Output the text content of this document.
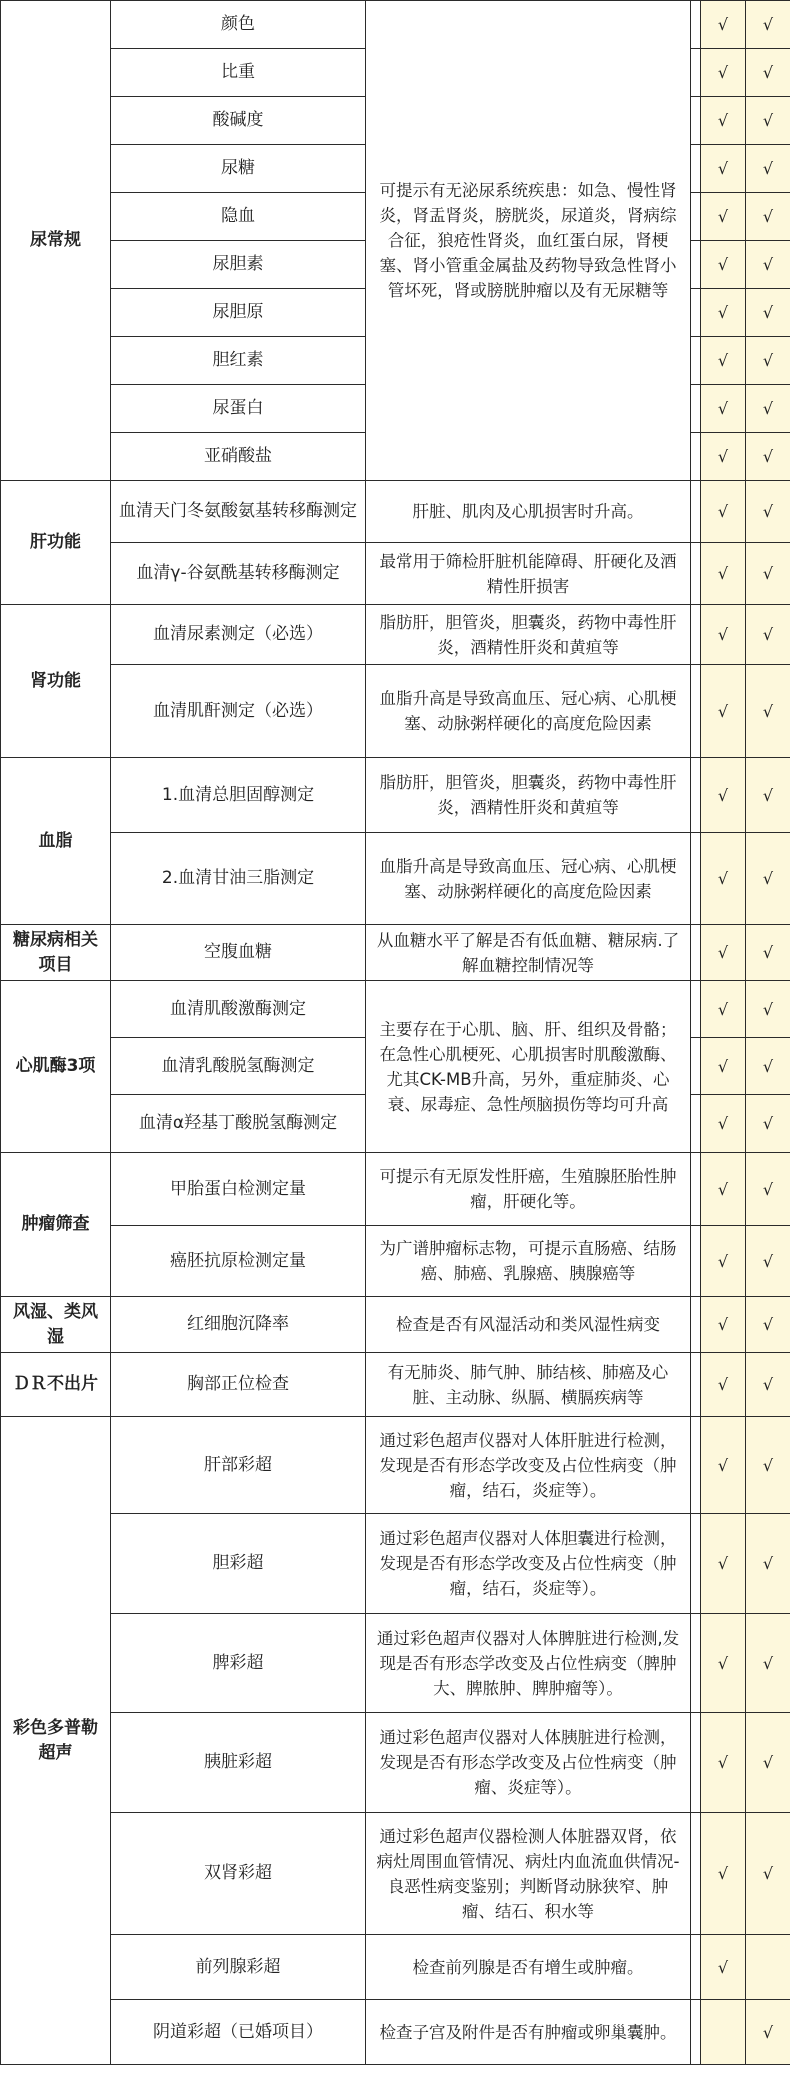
尿常规	颜色	可提示有无泌尿系统疾患：如急、慢性肾炎，肾盂肾炎，膀胱炎，尿道炎，肾病综合征，狼疮性肾炎，血红蛋白尿，肾梗塞、肾小管重金属盐及药物导致急性肾小管坏死，肾或膀胱肿瘤以及有无尿糖等		√	√
	比重			√	√
	酸碱度			√	√
	尿糖			√	√
	隐血			√	√
	尿胆素			√	√
	尿胆原			√	√
	胆红素			√	√
	尿蛋白			√	√
	亚硝酸盐			√	√
肝功能	血清天门冬氨酸氨基转移酶测定	肝脏、肌肉及心肌损害时升高。		√	√
	血清γ-谷氨酰基转移酶测定	最常用于筛检肝脏机能障碍、肝硬化及酒精性肝损害		√	√
肾功能	血清尿素测定（必选）	脂肪肝，胆管炎，胆囊炎，药物中毒性肝炎，酒精性肝炎和黄疸等		√	√
	血清肌酐测定（必选）	血脂升高是导致高血压、冠心病、心肌梗塞、动脉粥样硬化的高度危险因素		√	√
血脂	1.血清总胆固醇测定	脂肪肝，胆管炎，胆囊炎，药物中毒性肝炎，酒精性肝炎和黄疸等		√	√
	2.血清甘油三脂测定	血脂升高是导致高血压、冠心病、心肌梗塞、动脉粥样硬化的高度危险因素		√	√
糖尿病相关项目	空腹血糖	从血糖水平了解是否有低血糖、糖尿病.了解血糖控制情况等		√	√
心肌酶3项	血清肌酸激酶测定	主要存在于心肌、脑、肝、组织及骨骼；在急性心肌梗死、心肌损害时肌酸激酶、尤其CK-MB升高，另外，重症肺炎、心衰、尿毒症、急性颅脑损伤等均可升高		√	√
	血清乳酸脱氢酶测定			√	√
	血清α羟基丁酸脱氢酶测定			√	√
肿瘤筛查	甲胎蛋白检测定量	可提示有无原发性肝癌，生殖腺胚胎性肿瘤，肝硬化等。		√	√
	癌胚抗原检测定量	为广谱肿瘤标志物，可提示直肠癌、结肠癌、肺癌、乳腺癌、胰腺癌等		√	√
风湿、类风湿	红细胞沉降率	检查是否有风湿活动和类风湿性病变		√	√
ＤＲ不出片	胸部正位检查	有无肺炎、肺气肿、肺结核、肺癌及心脏、主动脉、纵膈、横膈疾病等		√	√
彩色多普勒超声	肝部彩超	通过彩色超声仪器对人体肝脏进行检测，发现是否有形态学改变及占位性病变（肿瘤，结石，炎症等）。		√	√
	胆彩超	通过彩色超声仪器对人体胆囊进行检测，发现是否有形态学改变及占位性病变（肿瘤，结石，炎症等）。		√	√
	脾彩超	通过彩色超声仪器对人体脾脏进行检测,发现是否有形态学改变及占位性病变（脾肿大、脾脓肿、脾肿瘤等）。		√	√
	胰脏彩超	通过彩色超声仪器对人体胰脏进行检测，发现是否有形态学改变及占位性病变（肿瘤、炎症等）。		√	√
	双肾彩超	通过彩色超声仪器检测人体脏器双肾，依病灶周围血管情况、病灶内血流血供情况-良恶性病变鉴别；判断肾动脉狭窄、肿瘤、结石、积水等		√	√
	前列腺彩超	检查前列腺是否有增生或肿瘤。		√	
	阴道彩超（已婚项目）	检查子宫及附件是否有肿瘤或卵巢囊肿。			√
